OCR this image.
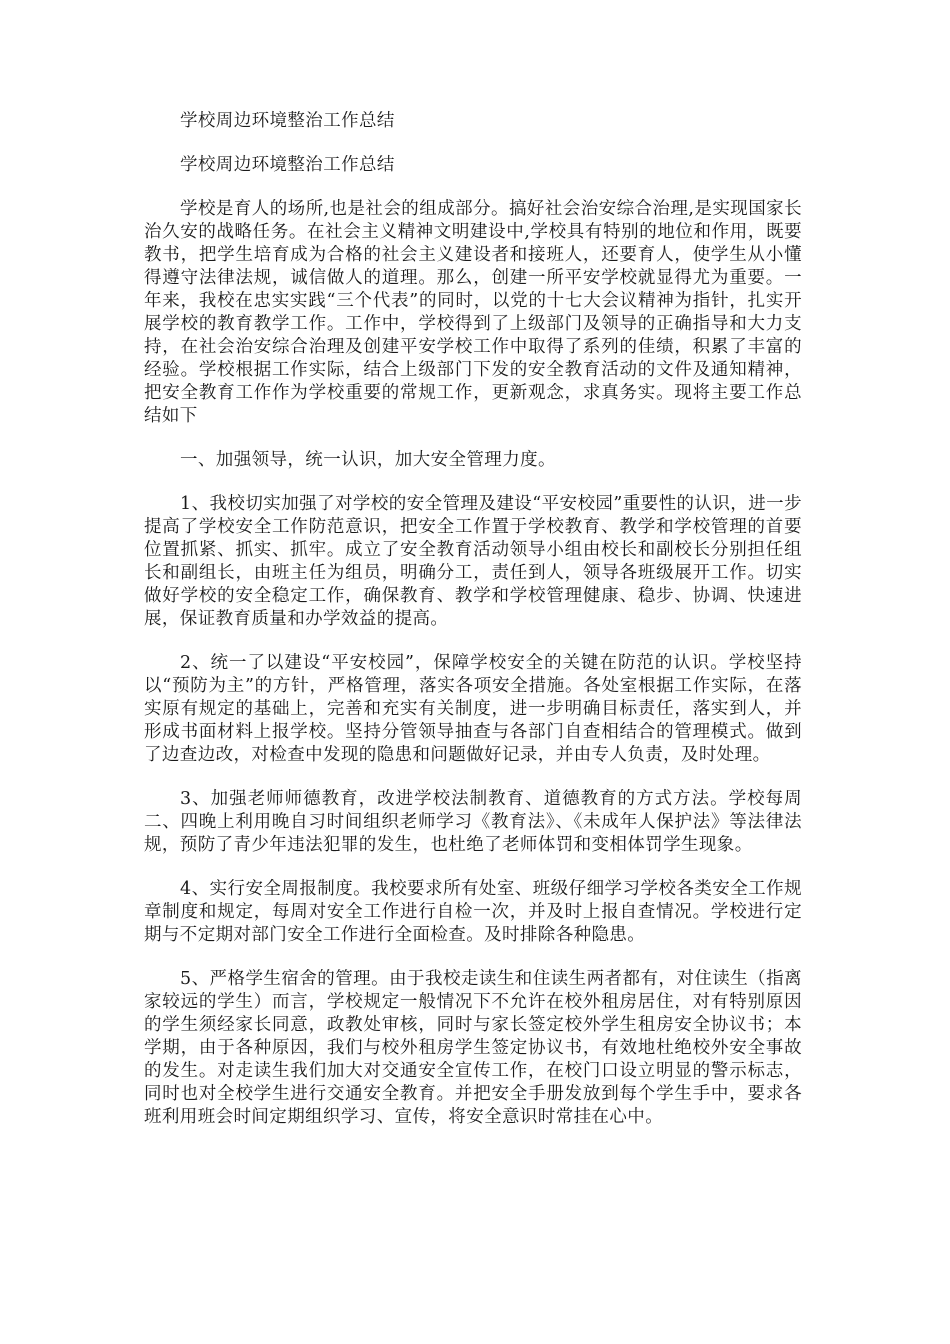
学校周边环境整治工作总结

学校周边环境整治工作总结

学校是育人的场所,也是社会的组成部分。搞好社会治安综合治理,是实现国家长治久安的战略任务。在社会主义精神文明建设中,学校具有特别的地位和作用，既要教书，把学生培育成为合格的社会主义建设者和接班人，还要育人，使学生从小懂得遵守法律法规，诚信做人的道理。那么，创建一所平安学校就显得尤为重要。一年来，我校在忠实实践“三个代表”的同时，以党的十七大会议精神为指针，扎实开展学校的教育教学工作。工作中，学校得到了上级部门及领导的正确指导和大力支持，在社会治安综合治理及创建平安学校工作中取得了系列的佳绩，积累了丰富的经验。学校根据工作实际，结合上级部门下发的安全教育活动的文件及通知精神，把安全教育工作作为学校重要的常规工作，更新观念，求真务实。现将主要工作总结如下

一、加强领导，统一认识，加大安全管理力度。

1、我校切实加强了对学校的安全管理及建设“平安校园”重要性的认识，进一步提高了学校安全工作防范意识，把安全工作置于学校教育、教学和学校管理的首要位置抓紧、抓实、抓牢。成立了安全教育活动领导小组由校长和副校长分别担任组长和副组长，由班主任为组员，明确分工，责任到人，领导各班级展开工作。切实做好学校的安全稳定工作，确保教育、教学和学校管理健康、稳步、协调、快速进展，保证教育质量和办学效益的提高。

2、统一了以建设“平安校园”，保障学校安全的关键在防范的认识。学校坚持以“预防为主”的方针，严格管理，落实各项安全措施。各处室根据工作实际，在落实原有规定的基础上，完善和充实有关制度，进一步明确目标责任，落实到人，并形成书面材料上报学校。坚持分管领导抽查与各部门自查相结合的管理模式。做到了边查边改，对检查中发现的隐患和问题做好记录，并由专人负责，及时处理。

3、加强老师师德教育，改进学校法制教育、道德教育的方式方法。学校每周二、四晚上利用晚自习时间组织老师学习《教育法》、《未成年人保护法》等法律法规，预防了青少年违法犯罪的发生，也杜绝了老师体罚和变相体罚学生现象。

4、实行安全周报制度。我校要求所有处室、班级仔细学习学校各类安全工作规章制度和规定，每周对安全工作进行自检一次，并及时上报自查情况。学校进行定期与不定期对部门安全工作进行全面检查。及时排除各种隐患。

5、严格学生宿舍的管理。由于我校走读生和住读生两者都有，对住读生（指离家较远的学生）而言，学校规定一般情况下不允许在校外租房居住，对有特别原因的学生须经家长同意，政教处审核，同时与家长签定校外学生租房安全协议书；本学期，由于各种原因，我们与校外租房学生签定协议书，有效地杜绝校外安全事故的发生。对走读生我们加大对交通安全宣传工作，在校门口设立明显的警示标志，同时也对全校学生进行交通安全教育。并把安全手册发放到每个学生手中，要求各班利用班会时间定期组织学习、宣传，将安全意识时常挂在心中。
